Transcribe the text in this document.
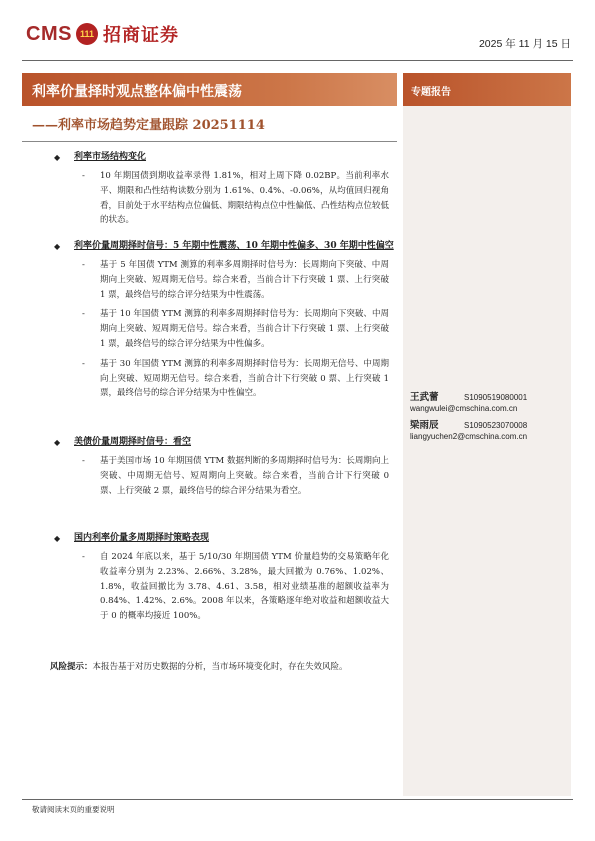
CMS 111 招商证券	2025 年 11 月 15 日
利率价量择时观点整体偏中性震荡	专题报告
——利率市场趋势定量跟踪 20251114
◆ 利率市场结构变化
- 10 年期国债到期收益率录得 1.81%，相对上周下降 0.02BP。当前利率水平、期限和凸性结构读数分别为 1.61%、0.4%、-0.06%，从均值回归视角看，目前处于水平结构点位偏低、期限结构点位中性偏低、凸性结构点位较低的状态。
◆ 利率价量周期择时信号：5 年期中性震荡、10 年期中性偏多、30 年期中性偏空
- 基于 5 年国债 YTM 测算的利率多周期择时信号为：长周期向下突破、中周期向上突破、短周期无信号。综合来看，当前合计下行突破 1 票、上行突破 1 票，最终信号的综合评分结果为中性震荡。
- 基于 10 年国债 YTM 测算的利率多周期择时信号为：长周期向下突破、中周期向上突破、短周期无信号。综合来看，当前合计下行突破 1 票、上行突破 1 票，最终信号的综合评分结果为中性偏多。
- 基于 30 年国债 YTM 测算的利率多周期择时信号为：长周期无信号、中周期向上突破、短周期无信号。综合来看，当前合计下行突破 0 票、上行突破 1 票，最终信号的综合评分结果为中性偏空。
◆ 美债价量周期择时信号：看空
- 基于美国市场 10 年期国债 YTM 数据判断的多周期择时信号为：长周期向上突破、中周期无信号、短周期向上突破。综合来看，当前合计下行突破 0 票、上行突破 2 票，最终信号的综合评分结果为看空。
◆ 国内利率价量多周期择时策略表现
- 自 2024 年底以来，基于 5/10/30 年期国债 YTM 价量趋势的交易策略年化收益率分别为 2.23%、2.66%、3.28%，最大回撤为 0.76%、1.02%、1.8%，收益回撤比为 3.78、4.61、3.58，相对业绩基准的超额收益率为 0.84%、1.42%、2.6%。2008 年以来，各策略逐年绝对收益和超额收益大于 0 的概率均接近 100%。
风险提示：本报告基于对历史数据的分析，当市场环境变化时，存在失效风险。
王武蕾	S1090519080001
wangwulei@cmschina.com.cn
梁雨辰	S1090523070008
liangyuchen2@cmschina.com.cn
敬请阅读末页的重要说明
